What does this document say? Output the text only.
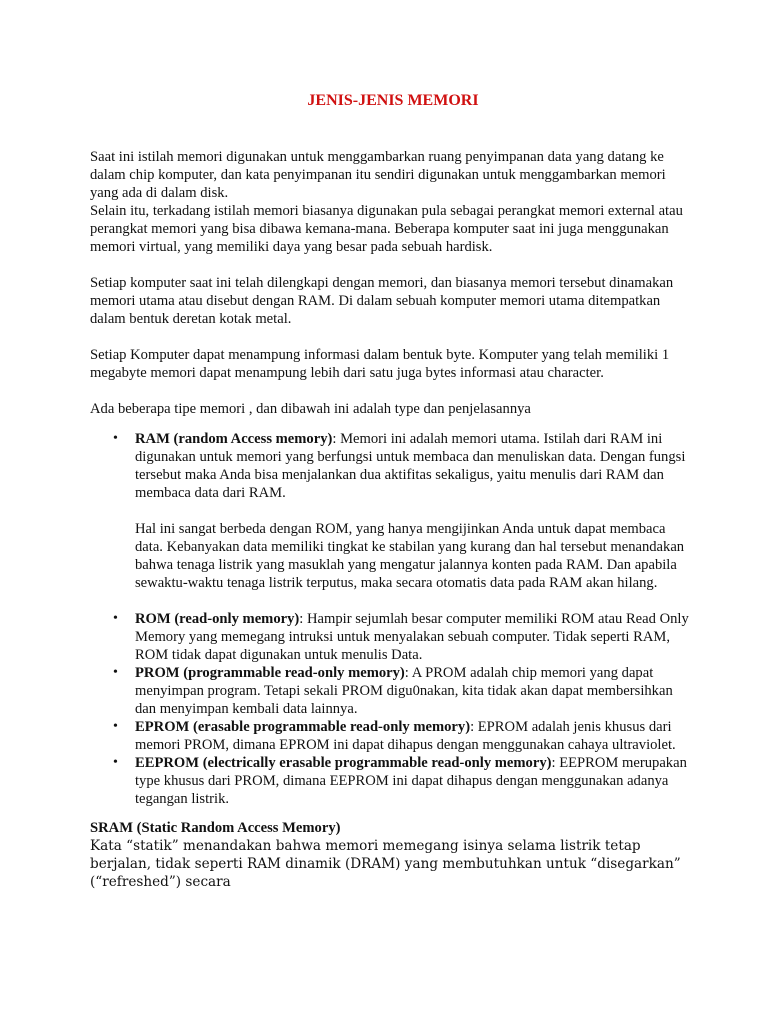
JENIS-JENIS MEMORI

Saat ini istilah memori digunakan untuk menggambarkan ruang penyimpanan data yang datang ke dalam chip komputer, dan kata penyimpanan itu sendiri digunakan untuk menggambarkan memori yang ada di dalam disk.

Selain itu, terkadang istilah memori biasanya digunakan pula sebagai perangkat memori external atau perangkat memori yang bisa dibawa kemana-mana. Beberapa komputer saat ini juga menggunakan memori virtual, yang memiliki daya yang besar pada sebuah hardisk.

Setiap komputer saat ini telah dilengkapi dengan memori, dan biasanya memori tersebut dinamakan memori utama atau disebut dengan RAM. Di dalam sebuah komputer memori utama ditempatkan dalam bentuk deretan kotak metal.

Setiap Komputer dapat menampung informasi dalam bentuk byte. Komputer yang telah memiliki 1 megabyte memori dapat menampung lebih dari satu juga bytes informasi atau character.

Ada beberapa tipe memori , dan dibawah ini adalah type dan penjelasannya

• RAM (random Access memory): Memori ini adalah memori utama. Istilah dari RAM ini digunakan untuk memori yang berfungsi untuk membaca dan menuliskan data. Dengan fungsi tersebut maka Anda bisa menjalankan dua aktifitas sekaligus, yaitu menulis dari RAM dan membaca data dari RAM.

Hal ini sangat berbeda dengan ROM, yang hanya mengijinkan Anda untuk dapat membaca data. Kebanyakan data memiliki tingkat ke stabilan yang kurang dan hal tersebut menandakan bahwa tenaga listrik yang masuklah yang mengatur jalannya konten pada RAM. Dan apabila sewaktu-waktu tenaga listrik terputus, maka secara otomatis data pada RAM akan hilang.

• ROM (read-only memory): Hampir sejumlah besar computer memiliki ROM atau Read Only Memory yang memegang intruksi untuk menyalakan sebuah computer. Tidak seperti RAM, ROM tidak dapat digunakan untuk menulis Data.
• PROM (programmable read-only memory): A PROM adalah chip memori yang dapat menyimpan program. Tetapi sekali PROM digu0nakan, kita tidak akan dapat membersihkan dan menyimpan kembali data lainnya.
• EPROM (erasable programmable read-only memory): EPROM adalah jenis khusus dari memori PROM, dimana EPROM ini dapat dihapus dengan menggunakan cahaya ultraviolet.
• EEPROM (electrically erasable programmable read-only memory): EEPROM merupakan type khusus dari PROM, dimana EEPROM ini dapat dihapus dengan menggunakan adanya tegangan listrik.

SRAM (Static Random Access Memory)

Kata “statik” menandakan bahwa memori memegang isinya selama listrik tetap berjalan, tidak seperti RAM dinamik (DRAM) yang membutuhkan untuk “disegarkan” (“refreshed”) secara
